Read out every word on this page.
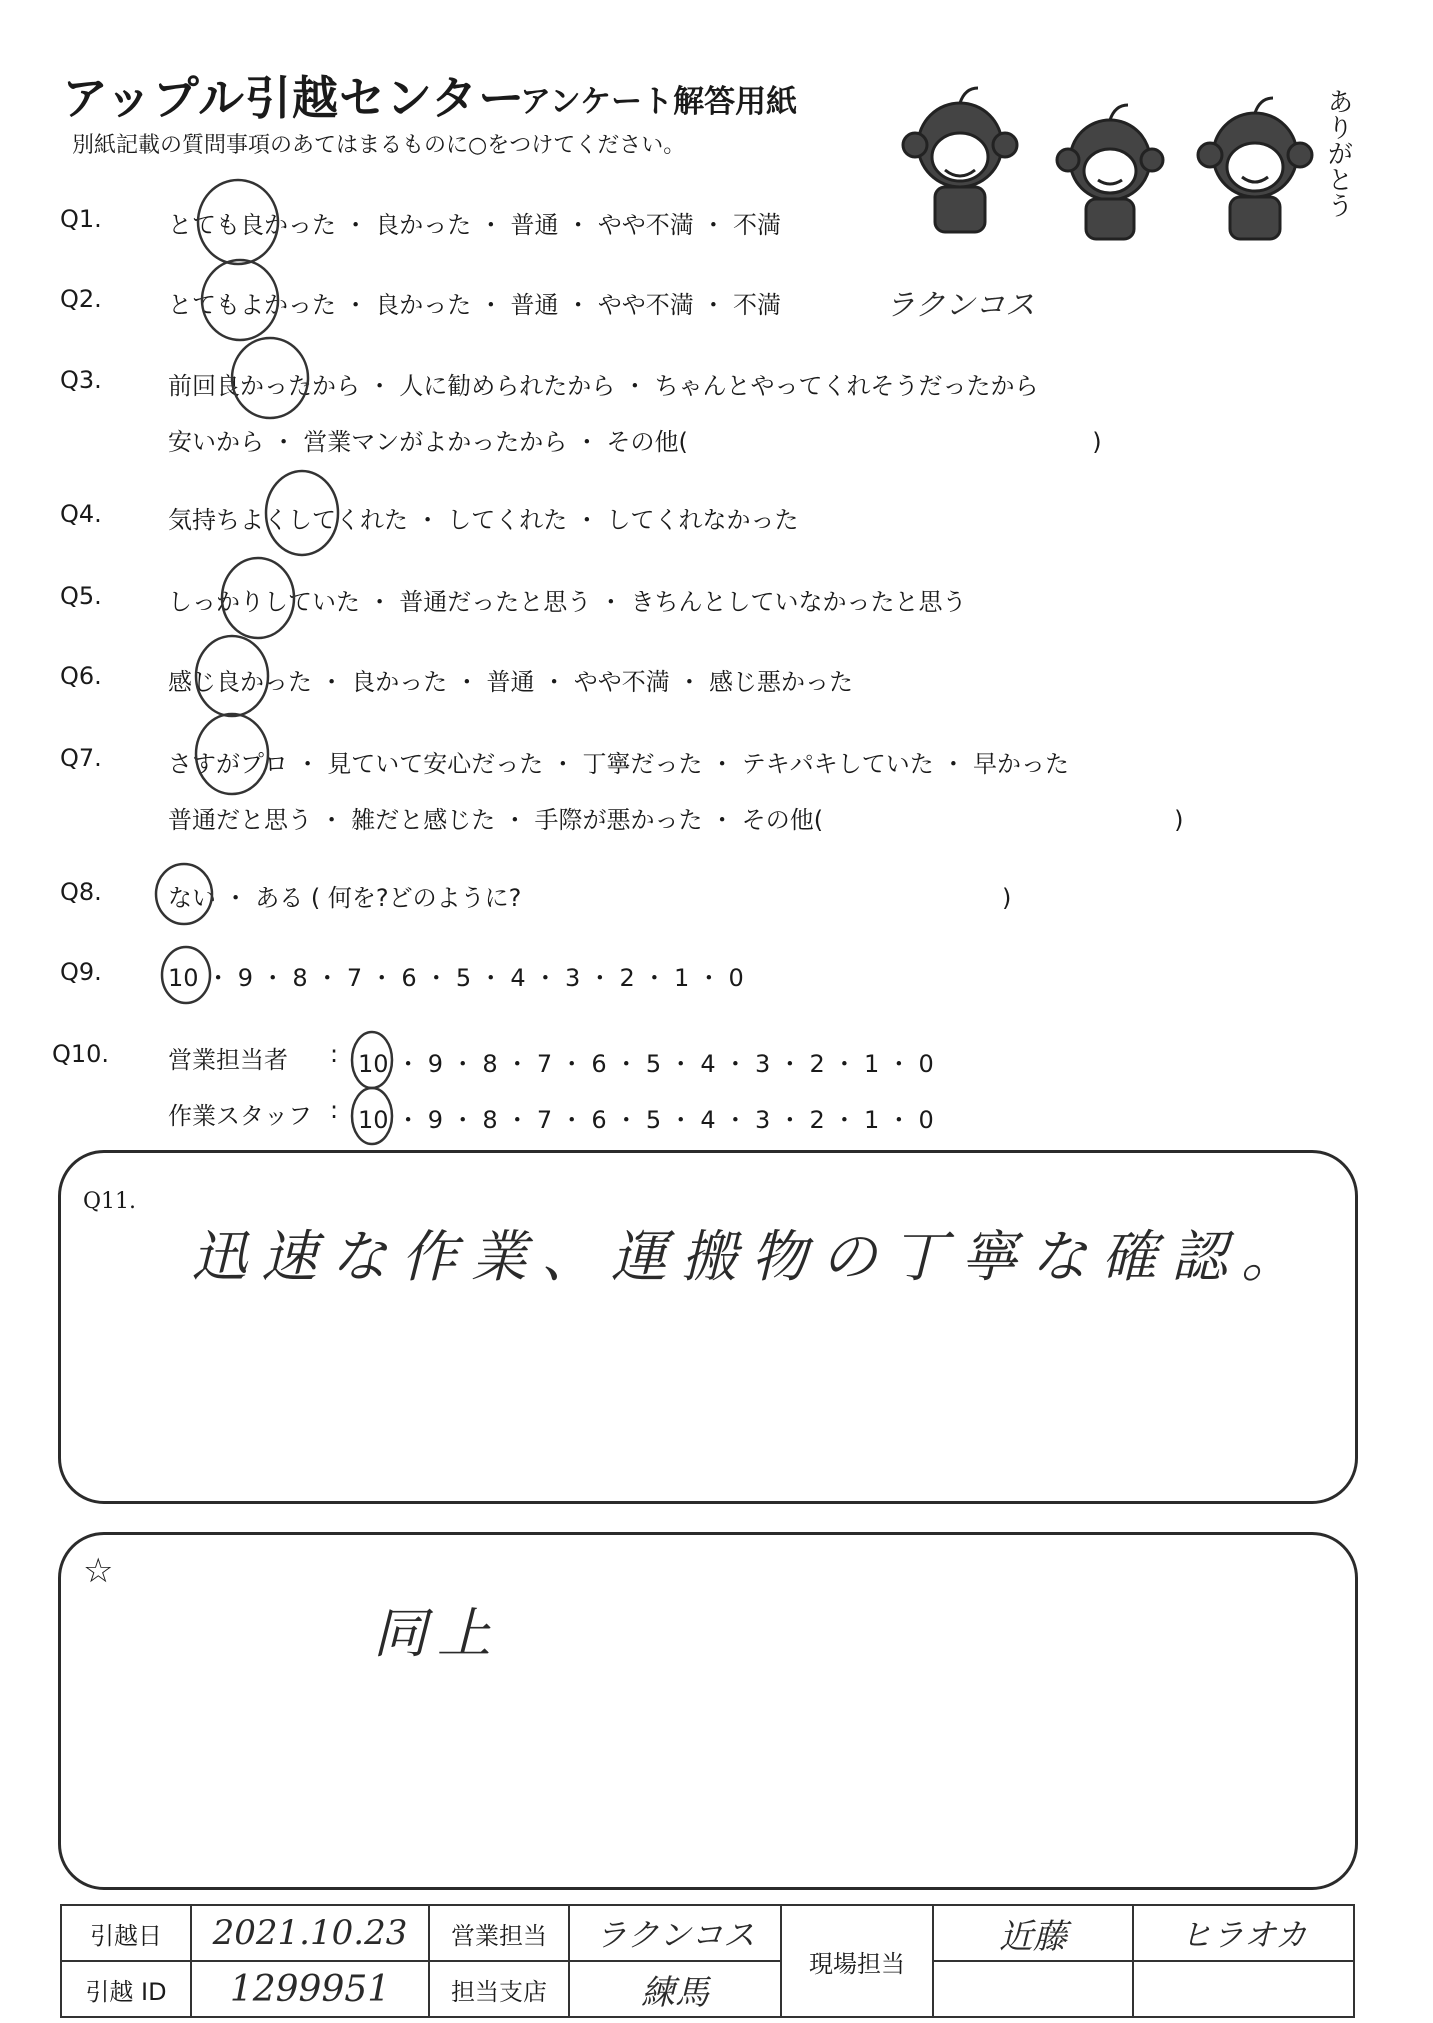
アップル引越センター
アンケート解答用紙
別紙記載の質問事項のあてはまるものに○をつけてください。	ありがとう
Q1.	とても良かった ・ 良かった ・ 普通 ・ やや不満 ・ 不満
Q2.	とてもよかった ・ 良かった ・ 普通 ・ やや不満 ・ 不満	ラクンコス
Q3.	前回良かったから ・ 人に勧められたから ・ ちゃんとやってくれそうだったから
安いから ・ 営業マンがよかったから ・ その他(                                                     )
Q4.	気持ちよくしてくれた ・ してくれた ・ してくれなかった
Q5.	しっかりしていた ・ 普通だったと思う ・ きちんとしていなかったと思う
Q6.	感じ良かった ・ 良かった ・ 普通 ・ やや不満 ・ 感じ悪かった
Q7.	さすがプロ ・ 見ていて安心だった ・ 丁寧だった ・ テキパキしていた ・ 早かった
普通だと思う ・ 雑だと感じた ・ 手際が悪かった ・ その他(                                              )
Q8.	ない ・ ある ( 何を?どのように?                                                               )
Q9.	10 ・ 9 ・ 8 ・ 7 ・ 6 ・ 5 ・ 4 ・ 3 ・ 2 ・ 1 ・ 0
Q10. 営業担当者 : 10 ・ 9 ・ 8 ・ 7 ・ 6 ・ 5 ・ 4 ・ 3 ・ 2 ・ 1 ・ 0
作業スタッフ : 10 ・ 9 ・ 8 ・ 7 ・ 6 ・ 5 ・ 4 ・ 3 ・ 2 ・ 1 ・ 0
Q11.
迅速な作業、運搬物の丁寧な確認。
☆
同上
引越日	2021.10.23	営業担当	ラクンコス	現場担当	近藤	ヒラオカ
引越 ID	1299951	担当支店	練馬			
